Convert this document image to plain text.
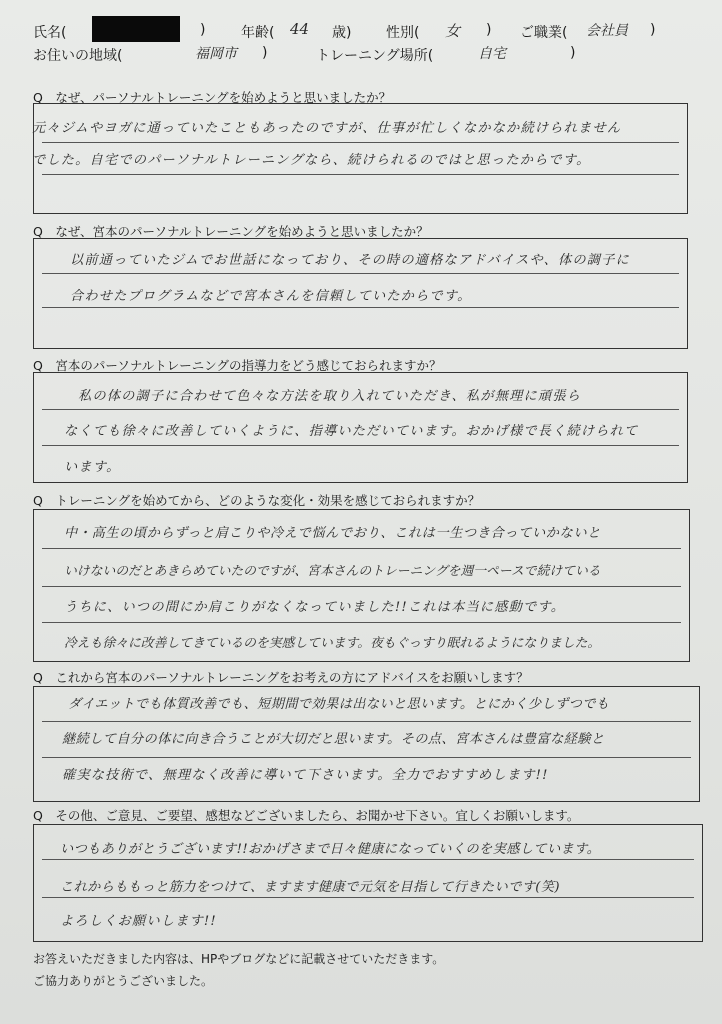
氏名(	)	年齢( 44 歳) 性別( 女 ) ご職業( 会社員 )
お住いの地域(	福岡市 )	トレーニング場所(	自宅	)
Q　なぜ、パーソナルトレーニングを始めようと思いましたか？
元々ジムやヨガに通っていたこともあったのですが、仕事が忙しくなかなか続けられません
でした。自宅でのパーソナルトレーニングなら、続けられるのではと思ったからです。
Q　なぜ、宮本のパーソナルトレーニングを始めようと思いましたか？
以前通っていたジムでお世話になっており、その時の適格なアドバイスや、体の調子に
合わせたプログラムなどで宮本さんを信頼していたからです。
Q　宮本のパーソナルトレーニングの指導力をどう感じておられますか？
私の体の調子に合わせて色々な方法を取り入れていただき、私が無理に頑張ら
なくても徐々に改善していくように、指導いただいています。おかげ様で長く続けられて
います。
Q　トレーニングを始めてから、どのような変化・効果を感じておられますか？
中・高生の頃からずっと肩こりや冷えで悩んでおり、これは一生つき合っていかないと
いけないのだとあきらめていたのですが、宮本さんのトレーニングを週一ペースで続けている
うちに、いつの間にか肩こりがなくなっていました!!これは本当に感動です。
冷えも徐々に改善してきているのを実感しています。夜もぐっすり眠れるようになりました。
Q　これから宮本のパーソナルトレーニングをお考えの方にアドバイスをお願いします？
ダイエットでも体質改善でも、短期間で効果は出ないと思います。とにかく少しずつでも
継続して自分の体に向き合うことが大切だと思います。その点、宮本さんは豊富な経験と
確実な技術で、無理なく改善に導いて下さいます。全力でおすすめします!!
Q　その他、ご意見、ご要望、感想などございましたら、お聞かせ下さい。宜しくお願いします。
いつもありがとうございます!!おかげさまで日々健康になっていくのを実感しています。
これからももっと筋力をつけて、ますます健康で元気を目指して行きたいです(笑)
よろしくお願いします!!
お答えいただきました内容は、HPやブログなどに記載させていただきます。
ご協力ありがとうございました。
